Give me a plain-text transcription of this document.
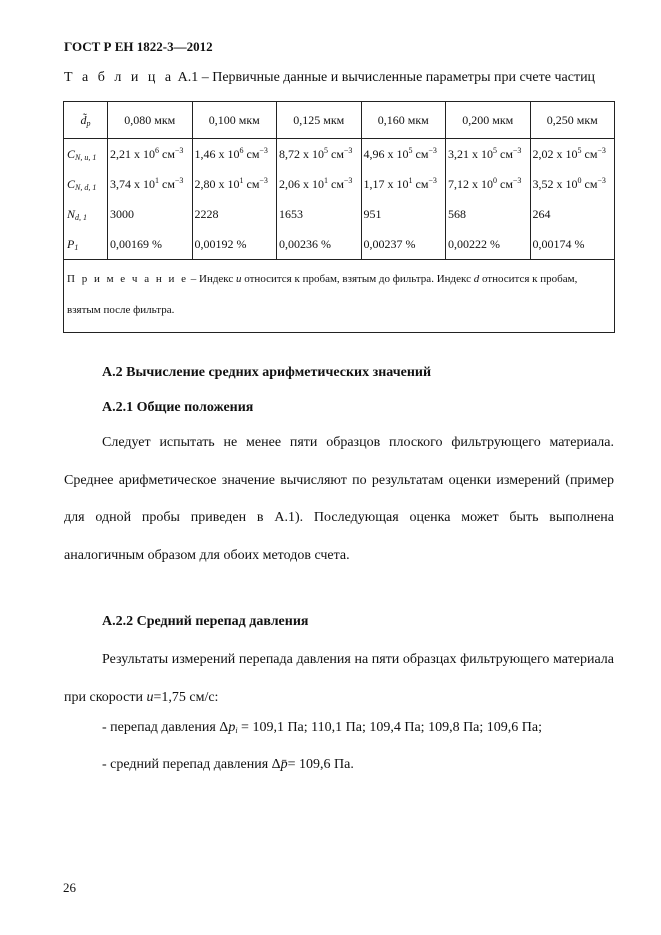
ГОСТ Р ЕН 1822-3—2012
Т а б л и ц а A.1 – Первичные данные и вычисленные параметры при счете частиц
$d̃_p$	0,080 мкм	0,100 мкм	0,125 мкм	0,160 мкм	0,200 мкм	0,250 мкм
$C_{N, u, 1}$	2,21 х $10^6$ $см^{-3}$	1,46 х $10^6$ $см^{-3}$	8,72 х $10^5$ $см^{-3}$	4,96 х $10^5$ $см^{-3}$	3,21 х $10^5$ $см^{-3}$	2,02 х $10^5$ $см^{-3}$
$C_{N, d, 1}$	3,74 х $10^1$ $см^{-3}$	2,80 х $10^1$ $см^{-3}$	2,06 х $10^1$ $см^{-3}$	1,17 х $10^1$ $см^{-3}$	7,12 х $10^0$ $см^{-3}$	3,52 х $10^0$ $см^{-3}$
$N_{d, 1}$	3000	2228	1653	951	568	264
$P_1$	0,00169 %	0,00192 %	0,00236 %	0,00237 %	0,00222 %	0,00174 %
П р и м е ч а н и е – Индекс u относится к пробам, взятым до фильтра. Индекс d относится к пробам, взятым после фильтра.						
А.2 Вычисление средних арифметических значений
А.2.1 Общие положения
Следует испытать не менее пяти образцов плоского фильтрующего материала. Среднее арифметическое значение вычисляют по результатам оценки измерений (пример для одной пробы приведен в А.1). Последующая оценка может быть выполнена аналогичным образом для обоих методов счета.
А.2.2 Средний перепад давления
Результаты измерений перепада давления на пяти образцах фильтрующего материала при скорости u=1,75 см/с:
- перепад давления $\Delta p_i = 109,1$ Па; 110,1 Па; 109,4 Па; 109,8 Па; 109,6 Па;
- средний перепад давления Δp̄= 109,6 Па.
26
